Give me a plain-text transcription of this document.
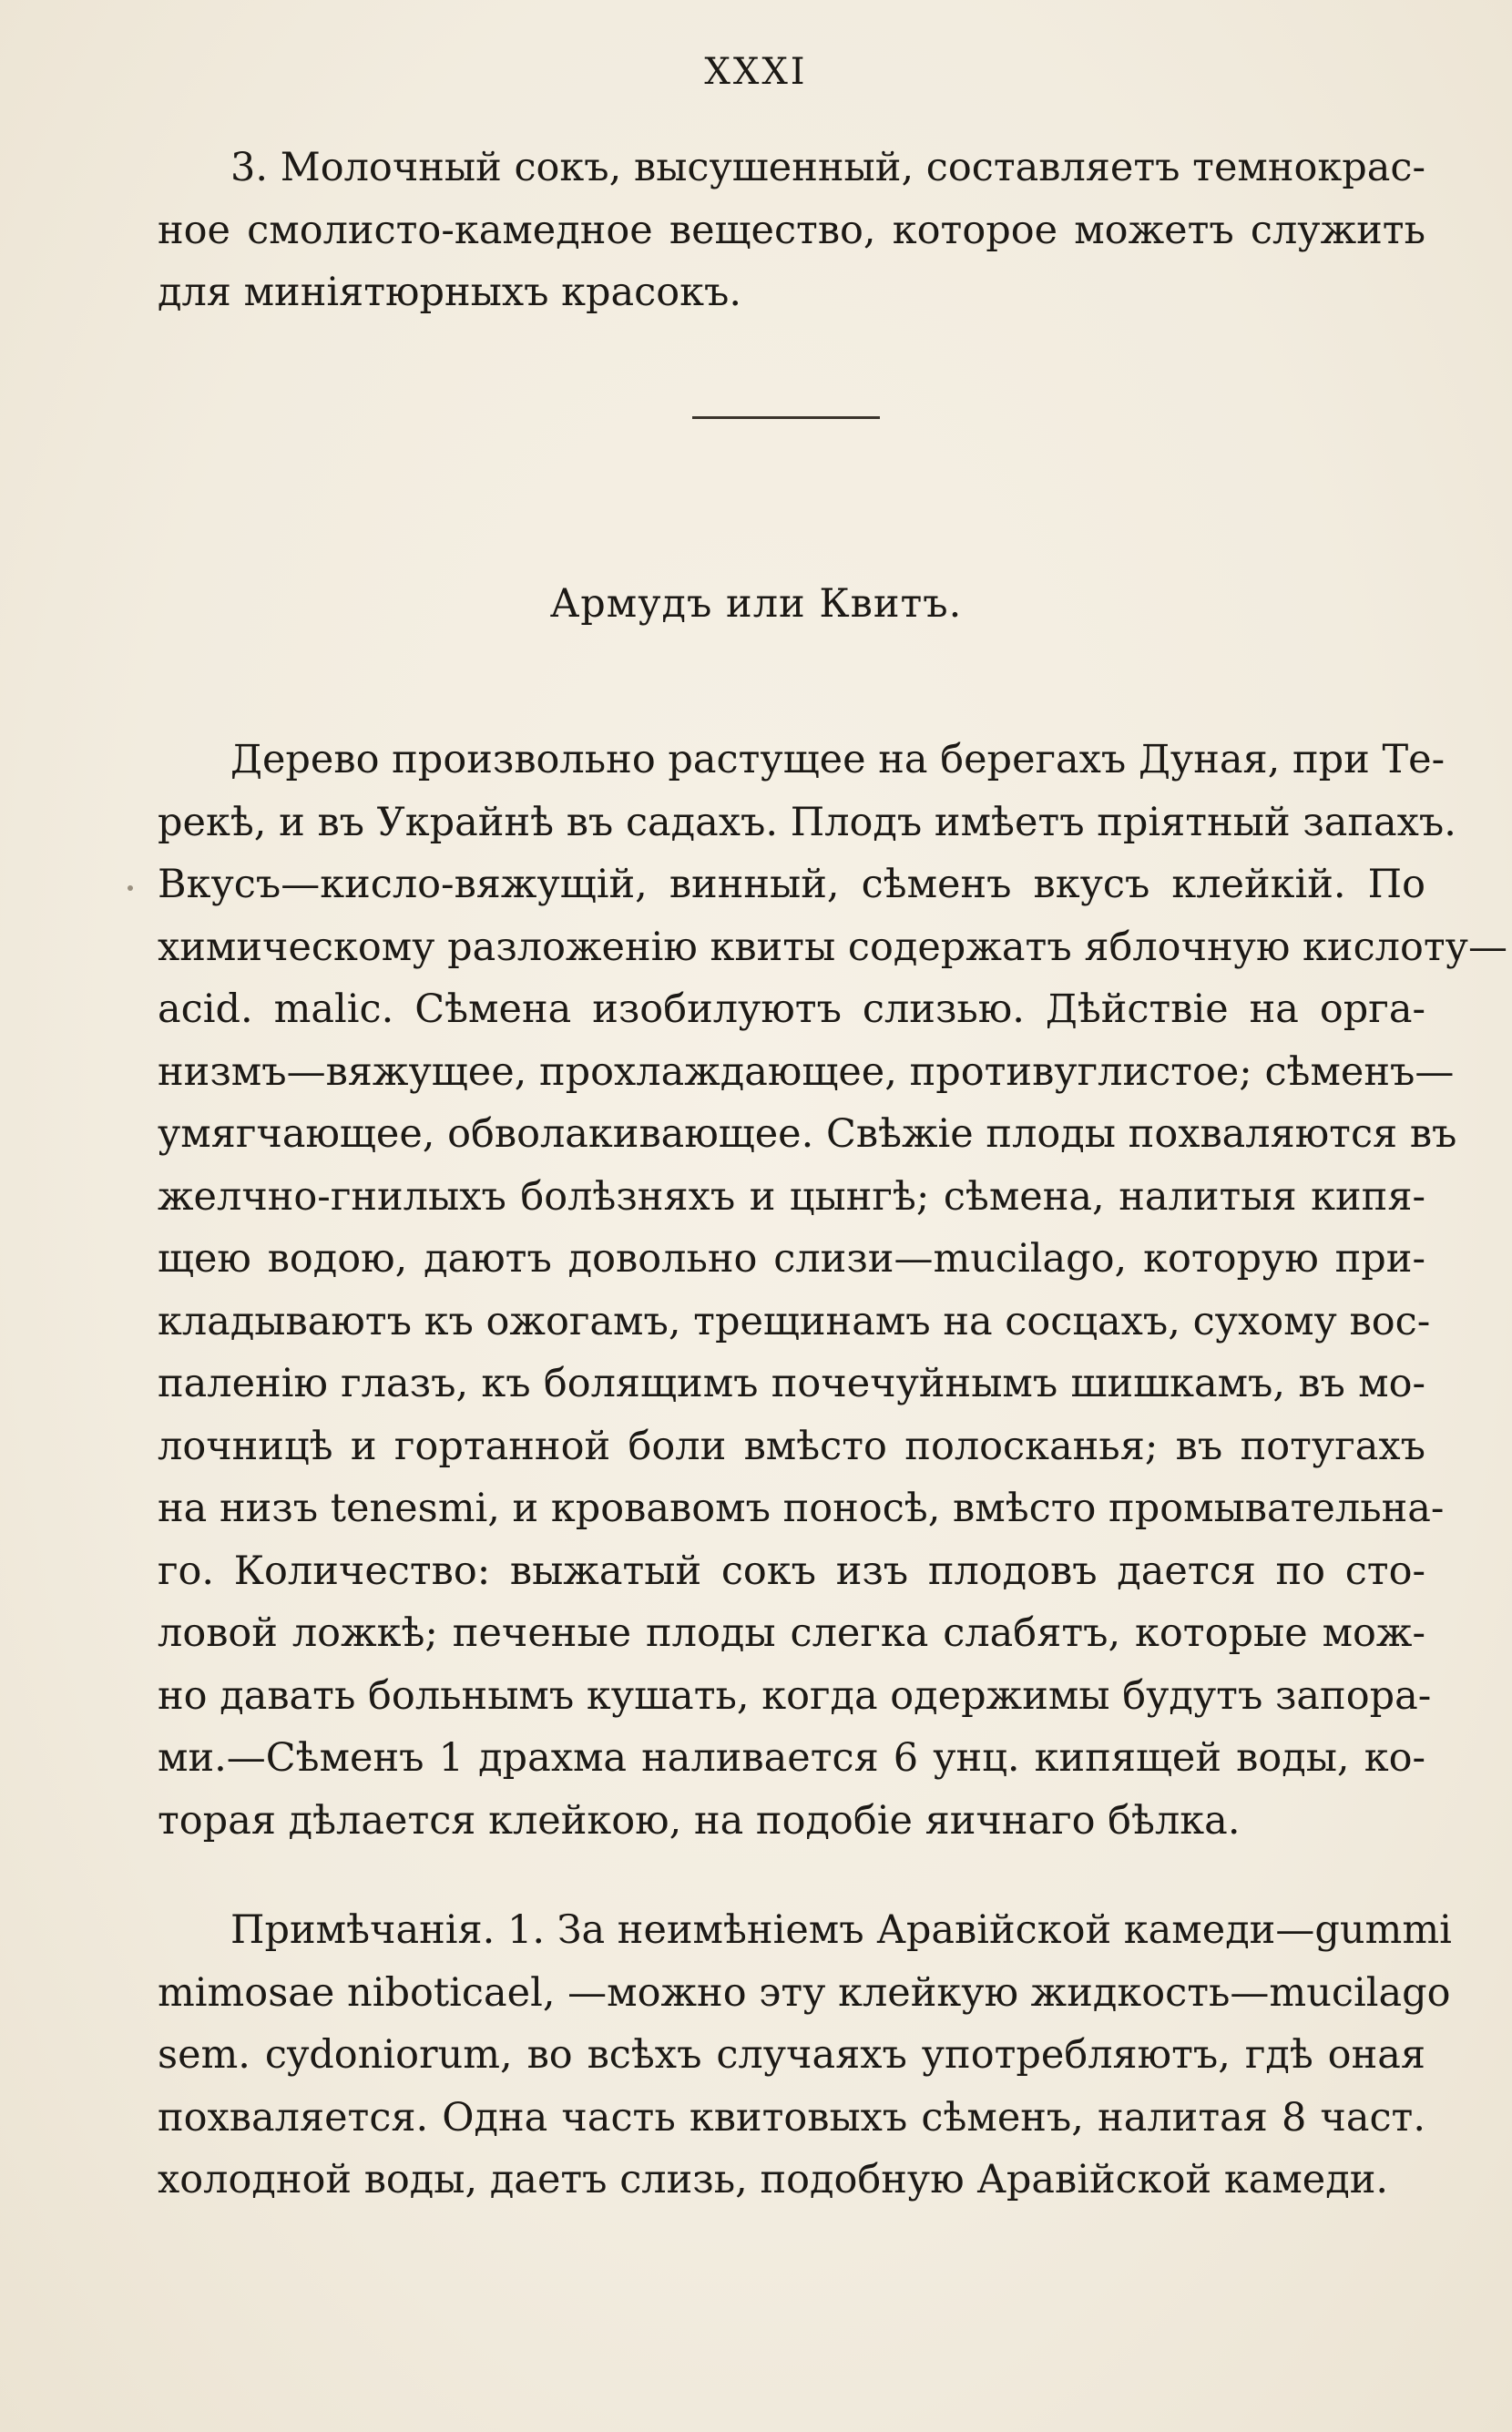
XXXI
3. Молочный сокъ, высушенный, составляетъ темнокрас-
ное смолисто-камедное вещество, которое можетъ служить
для миніятюрныхъ красокъ.
Армудъ или Квитъ.
Дерево произвольно растущее на берегахъ Дуная, при Те-
рекѣ, и въ Украйнѣ въ садахъ. Плодъ имѣетъ пріятный запахъ.
Вкусъ—кисло-вяжущій, винный, сѣменъ вкусъ клейкій. По
химическому разложенію квиты содержатъ яблочную кислоту—
acid. malic. Сѣмена изобилуютъ слизью. Дѣйствіе на орга-
низмъ—вяжущее, прохлаждающее, противуглистое; сѣменъ—
умягчающее, обволакивающее. Свѣжіе плоды похваляются въ
желчно-гнилыхъ болѣзняхъ и цынгѣ; сѣмена, налитыя кипя-
щею водою, даютъ довольно слизи—mucilago, которую при-
кладываютъ къ ожогамъ, трещинамъ на сосцахъ, сухому вос-
паленію глазъ, къ болящимъ почечуйнымъ шишкамъ, въ мо-
лочницѣ и гортанной боли вмѣсто полосканья; въ потугахъ
на низъ tenesmi, и кровавомъ поносѣ, вмѣсто промывательна-
го. Количество: выжатый сокъ изъ плодовъ дается по сто-
ловой ложкѣ; печеные плоды слегка слабятъ, которые мож-
но давать больнымъ кушать, когда одержимы будутъ запора-
ми.—Сѣменъ 1 драхма наливается 6 унц. кипящей воды, ко-
торая дѣлается клейкою, на подобіе яичнаго бѣлка.
Примѣчанія. 1. За неимѣніемъ Аравійской камеди—gummi
mimosae niboticael, —можно эту клейкую жидкость—mucilago
sem. cydoniorum, во всѣхъ случаяхъ употребляютъ, гдѣ оная
похваляется. Одна часть квитовыхъ сѣменъ, налитая 8 част.
холодной воды, даетъ слизь, подобную Аравійской камеди.
